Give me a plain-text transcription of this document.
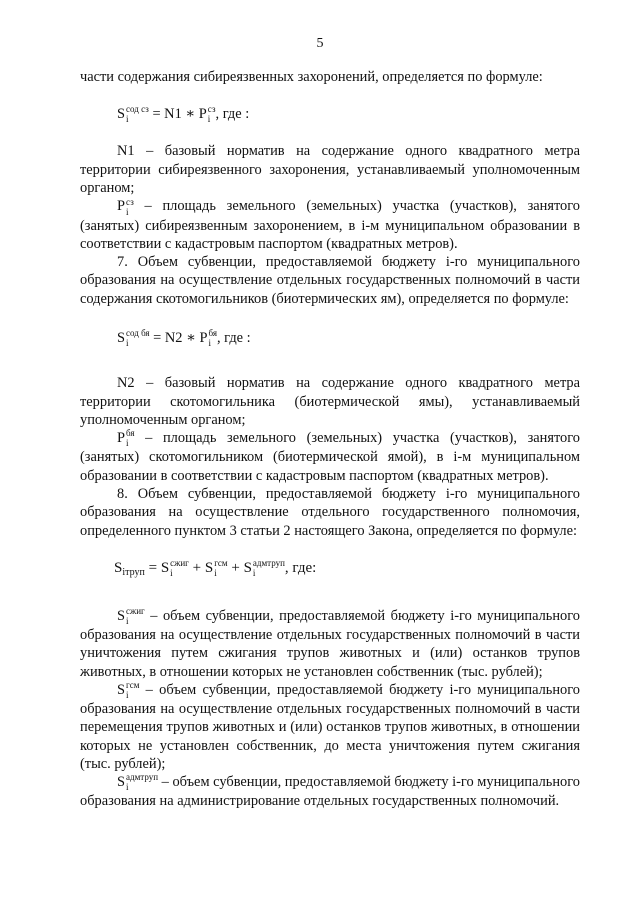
5

части содержания сибиреязвенных захоронений, определяется по формуле:

S сод сз
i	= N1 ∗ P сз
i , где :

N1 – базовый норматив на содержание одного квадратного метра территории сибиреязвенного захоронения, устанавливаемый уполномоченным органом;

P сз
i – площадь земельного (земельных) участка (участков), занятого (занятых) сибиреязвенным захоронением, в i-м муниципальном образовании в соответствии с кадастровым паспортом (квадратных метров).

7. Объем субвенции, предоставляемой бюджету i-го муниципального образования на осуществление отдельных государственных полномочий в части содержания скотомогильников (биотермических ям), определяется по формуле:

S сод бя
i	= N2 ∗ P бя
i , где :

N2 – базовый норматив на содержание одного квадратного метра территории скотомогильника (биотермической ямы), устанавливаемый уполномоченным органом;

P бя
i – площадь земельного (земельных) участка (участков), занятого (занятых) скотомогильником (биотермической ямой), в i-м муниципальном образовании в соответствии с кадастровым паспортом (квадратных метров).

8. Объем субвенции, предоставляемой бюджету i-го муниципального образования на осуществление отдельного государственного полномочия, определенного пунктом 3 статьи 2 настоящего Закона, определяется по формуле:

$S_{iтруп} = S$ сжиг
i	+ S гсм
i + S адмтруп
i	, где:

S сжиг
i	– объем субвенции, предоставляемой бюджету i-го муниципального образования на осуществление отдельных государственных полномочий в части уничтожения путем сжигания трупов животных и (или) останков трупов животных, в отношении которых не установлен собственник (тыс. рублей);

S гсм
i – объем субвенции, предоставляемой бюджету i-го муниципального образования на осуществление отдельных государственных полномочий в части перемещения трупов животных и (или) останков трупов животных, в отношении которых не установлен собственник, до места уничтожения путем сжигания (тыс. рублей);

S адмтруп
i	– объем субвенции, предоставляемой бюджету i-го муниципального образования на администрирование отдельных государственных полномочий.
